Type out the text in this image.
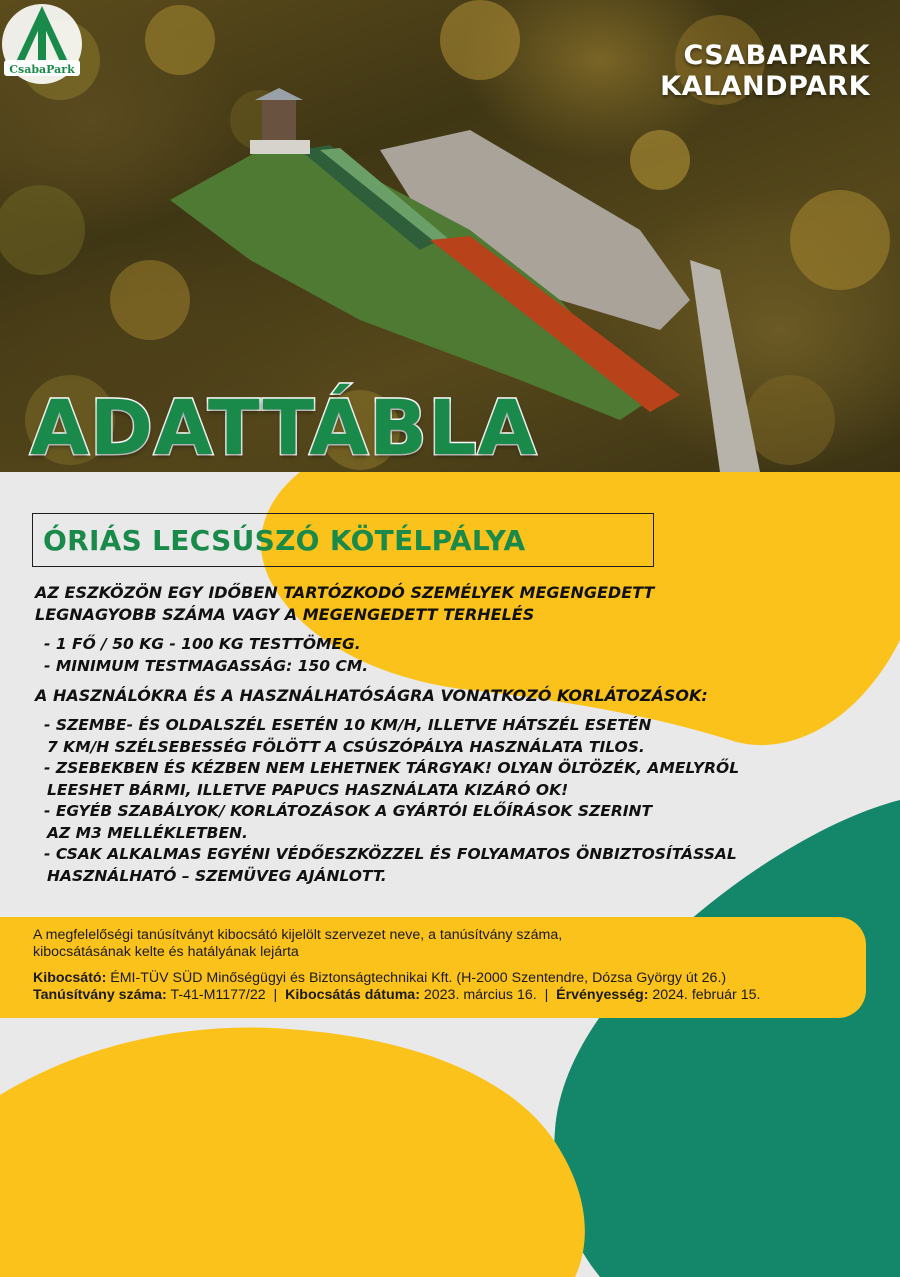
CSABAPARK
KALANDPARK
CsabaPark
ADATTÁBLA
ÓRIÁS LECSÚSZÓ KÖTÉLPÁLYA
AZ ESZKÖZÖN EGY IDŐBEN TARTÓZKODÓ SZEMÉLYEK MEGENGEDETT
LEGNAGYOBB SZÁMA VAGY A MEGENGEDETT TERHELÉS
- 1 FŐ / 50 KG - 100 KG TESTTÖMEG.
- MINIMUM TESTMAGASSÁG: 150 CM.
A HASZNÁLÓKRA ÉS A HASZNÁLHATÓSÁGRA VONATKOZÓ KORLÁTOZÁSOK:
- SZEMBE- ÉS OLDALSZÉL ESETÉN 10 KM/H, ILLETVE HÁTSZÉL ESETÉN
7 KM/H SZÉLSEBESSÉG FÖLÖTT A CSÚSZÓPÁLYA HASZNÁLATA TILOS.
- ZSEBEKBEN ÉS KÉZBEN NEM LEHETNEK TÁRGYAK! OLYAN ÖLTÖZÉK, AMELYRŐL
LEESHET BÁRMI, ILLETVE PAPUCS HASZNÁLATA KIZÁRÓ OK!
- EGYÉB SZABÁLYOK/ KORLÁTOZÁSOK A GYÁRTÓI ELŐÍRÁSOK SZERINT
AZ M3 MELLÉKLETBEN.
- CSAK ALKALMAS EGYÉNI VÉDŐESZKÖZZEL ÉS FOLYAMATOS ÖNBIZTOSÍTÁSSAL
HASZNÁLHATÓ – SZEMÜVEG AJÁNLOTT.
A megfelelőségi tanúsítványt kibocsátó kijelölt szervezet neve, a tanúsítvány száma,
kibocsátásának kelte és hatályának lejárta
Kibocsátó: ÉMI-TÜV SÜD Minőségügyi és Biztonságtechnikai Kft. (H-2000 Szentendre, Dózsa György út 26.)
Tanúsítvány száma: T-41-M1177/22 | Kibocsátás dátuma: 2023. március 16. | Érvényesség: 2024. február 15.
